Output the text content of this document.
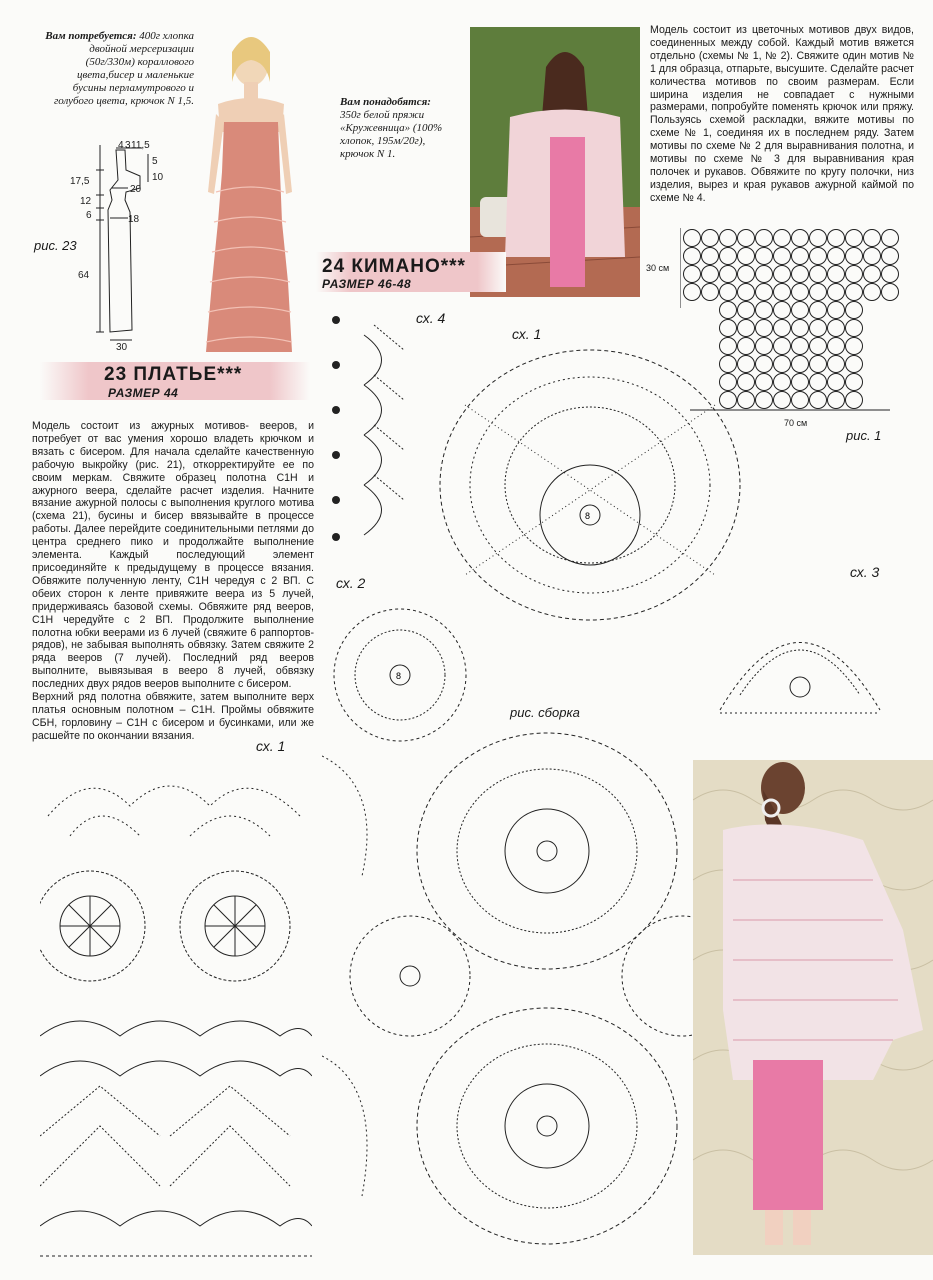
Вам потребуется: 400г хлопка двойной мерсеризации (50г/330м) кораллового цвета,бисер и маленькие бусины перламутрового и голубого цвета, крючок N 1,5.
4 3 11,5
5
10
17,5
12
6
64
20
18
30
рис. 23
23 ПЛАТЬЕ***
РАЗМЕР 44

Модель состоит из ажурных мотивов- вееров, и потребует от вас умения хорошо владеть крючком и вязать с бисером. Для начала сделайте качественную рабочую выкройку (рис. 21), откорректируйте ее по своим меркам. Свяжите образец полотна С1Н и ажурного веера, сделайте расчет изделия. Начните вязание ажурной полосы с выполнения круглого мотива (схема 21), бусины и бисер ввязывайте в процессе работы. Далее перейдите соединительными петлями до центра среднего пико и продолжайте выполнение элемента. Каждый последующий элемент присоединяйте к предыдущему в процессе вязания. Обвяжите полученную ленту, С1Н чередуя с 2 ВП. С обеих сторон к ленте привяжите веера из 5 лучей, придерживаясь базовой схемы. Обвяжите ряд вееров, С1Н чередуйте с 2 ВП. Продолжите выполнение полотна юбки веерами из 6 лучей (свяжите 6 раппортов-рядов), не забывая выполнять обвязку. Затем свяжите 2 ряда вееров (7 лучей). Последний ряд вееров выполните, вывязывая в вееро 8 лучей, обвязку последних двух рядов вееров выполните с бисером.

Верхний ряд полотна обвяжите, затем выполните верх платья основным полотном – С1Н. Проймы обвяжите СБН, горловину – С1Н с бисером и бусинками, или же расшейте по окончании вязания.

сх. 1
Вам понадобятся: 350г белой пряжи «Кружевница» (100% хлопок, 195м/20г), крючок N 1.
24 КИМАНО***
РАЗМЕР 46-48
Модель состоит из цветочных мотивов двух видов, соединенных между собой. Каждый мотив вяжется отдельно (схемы № 1, № 2). Свяжите один мотив № 1 для образца, отпарьте, высушите. Сделайте расчет количества мотивов по своим размерам. Если ширина изделия не совпадает с нужными размерами, попробуйте поменять крючок или пряжу. Пользуясь схемой раскладки, вяжите мотивы по схеме № 1, соединяя их в последнем ряду. Затем мотивы по схеме № 2 для выравнивания полотна, и мотивы по схеме № 3 для выравнивания края полочек и рукавов. Обвяжите по кругу полочки, низ изделия, вырез и края рукавов ажурной каймой по схеме № 4.
30 см
70 см
рис. 1
сх. 4
сх. 1
8
сх. 2
8
сх. 3
рис. сборка
